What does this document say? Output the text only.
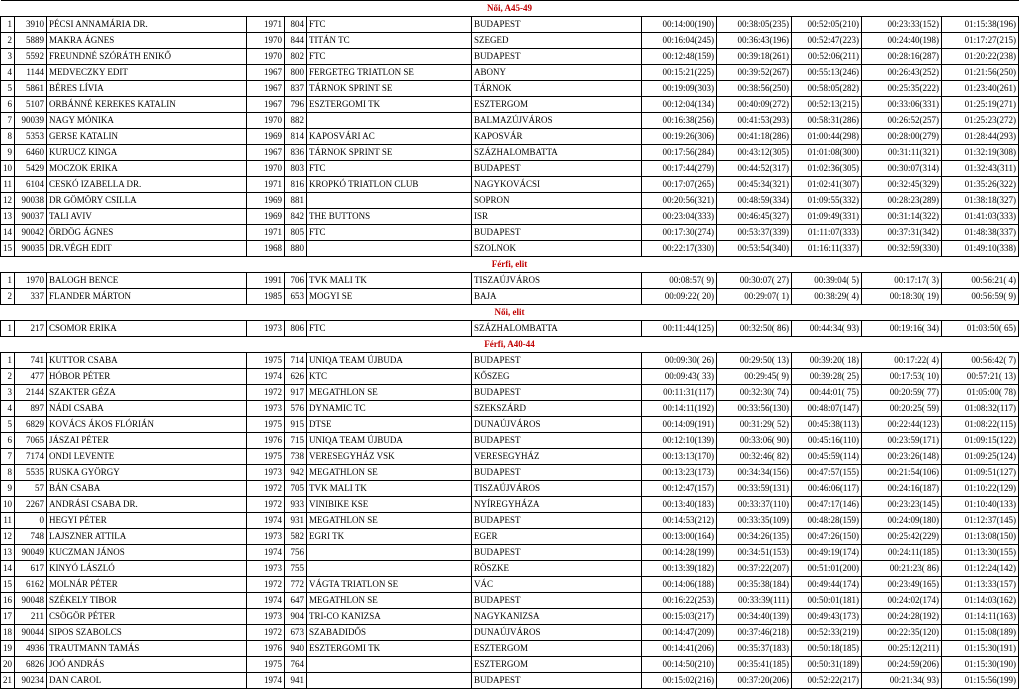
Női, A45-49											
1	3910	PÉCSI ANNAMÁRIA DR.	1971	804	FTC	BUDAPEST	00:14:00(190)	00:38:05(235)	00:52:05(210)	00:23:33(152)	01:15:38(196)
2	5889	MAKRA ÁGNES	1970	844	TITÁN TC	SZEGED	00:16:04(245)	00:36:43(196)	00:52:47(223)	00:24:40(198)	01:17:27(215)
3	5592	FREUNDNÉ SZÓRÁTH ENIKŐ	1970	802	FTC	BUDAPEST	00:12:48(159)	00:39:18(261)	00:52:06(211)	00:28:16(287)	01:20:22(238)
4	1144	MEDVECZKY EDIT	1967	800	FERGETEG TRIATLON SE	ABONY	00:15:21(225)	00:39:52(267)	00:55:13(246)	00:26:43(252)	01:21:56(250)
5	5861	BÉRES LÍVIA	1967	837	TÁRNOK SPRINT SE	TÁRNOK	00:19:09(303)	00:38:56(250)	00:58:05(282)	00:25:35(222)	01:23:40(261)
6	5107	ORBÁNNÉ KEREKES KATALIN	1967	796	ESZTERGOMI TK	ESZTERGOM	00:12:04(134)	00:40:09(272)	00:52:13(215)	00:33:06(331)	01:25:19(271)
7	90039	NAGY MÓNIKA	1970	882		BALMAZÚJVÁROS	00:16:38(256)	00:41:53(293)	00:58:31(286)	00:26:52(257)	01:25:23(272)
8	5353	GERSE KATALIN	1969	814	KAPOSVÁRI AC	KAPOSVÁR	00:19:26(306)	00:41:18(286)	01:00:44(298)	00:28:00(279)	01:28:44(293)
9	6460	KURUCZ KINGA	1967	836	TÁRNOK SPRINT SE	SZÁZHALOMBATTA	00:17:56(284)	00:43:12(305)	01:01:08(300)	00:31:11(321)	01:32:19(308)
10	5429	MOCZOK ERIKA	1970	803	FTC	BUDAPEST	00:17:44(279)	00:44:52(317)	01:02:36(305)	00:30:07(314)	01:32:43(311)
11	6104	CESKÓ IZABELLA DR.	1971	816	KROPKÓ TRIATLON CLUB	NAGYKOVÁCSI	00:17:07(265)	00:45:34(321)	01:02:41(307)	00:32:45(329)	01:35:26(322)
12	90038	DR GÖMÖRY CSILLA	1969	881		SOPRON	00:20:56(321)	00:48:59(334)	01:09:55(332)	00:28:23(289)	01:38:18(327)
13	90037	TALI AVIV	1969	842	THE BUTTONS	ISR	00:23:04(333)	00:46:45(327)	01:09:49(331)	00:31:14(322)	01:41:03(333)
14	90042	ÖRDÖG ÁGNES	1971	805	FTC	BUDAPEST	00:17:30(274)	00:53:37(339)	01:11:07(333)	00:37:31(342)	01:48:38(337)
15	90035	DR.VÉGH EDIT	1968	880		SZOLNOK	00:22:17(330)	00:53:54(340)	01:16:11(337)	00:32:59(330)	01:49:10(338)
Férfi, elit											
1	1970	BALOGH BENCE	1991	706	TVK MALI TK	TISZAÚJVÁROS	00:08:57( 9)	00:30:07( 27)	00:39:04( 5)	00:17:17( 3)	00:56:21( 4)
2	337	FLANDER MÁRTON	1985	653	MOGYI SE	BAJA	00:09:22( 20)	00:29:07( 1)	00:38:29( 4)	00:18:30( 19)	00:56:59( 9)
Női, elit											
1	217	CSOMOR ERIKA	1973	806	FTC	SZÁZHALOMBATTA	00:11:44(125)	00:32:50( 86)	00:44:34( 93)	00:19:16( 34)	01:03:50( 65)
Férfi, A40-44											
1	741	KUTTOR CSABA	1975	714	UNIQA TEAM ÚJBUDA	BUDAPEST	00:09:30( 26)	00:29:50( 13)	00:39:20( 18)	00:17:22( 4)	00:56:42( 7)
2	477	HÓBOR PÉTER	1974	626	KTC	KŐSZEG	00:09:43( 33)	00:29:45( 9)	00:39:28( 25)	00:17:53( 10)	00:57:21( 13)
3	2144	SZAKTER GÉZA	1972	917	MEGATHLON SE	BUDAPEST	00:11:31(117)	00:32:30( 74)	00:44:01( 75)	00:20:59( 77)	01:05:00( 78)
4	897	NÁDI CSABA	1973	576	DYNAMIC TC	SZEKSZÁRD	00:14:11(192)	00:33:56(130)	00:48:07(147)	00:20:25( 59)	01:08:32(117)
5	6829	KOVÁCS ÁKOS FLÓRIÁN	1975	915	DTSE	DUNAÚJVÁROS	00:14:09(191)	00:31:29( 52)	00:45:38(113)	00:22:44(123)	01:08:22(115)
6	7065	JÁSZAI PÉTER	1976	715	UNIQA TEAM ÚJBUDA	BUDAPEST	00:12:10(139)	00:33:06( 90)	00:45:16(110)	00:23:59(171)	01:09:15(122)
7	7174	ONDI LEVENTE	1975	738	VERESEGYHÁZ VSK	VERESEGYHÁZ	00:13:13(170)	00:32:46( 82)	00:45:59(114)	00:23:26(148)	01:09:25(124)
8	5535	RUSKA GYÖRGY	1973	942	MEGATHLON SE	BUDAPEST	00:13:23(173)	00:34:34(156)	00:47:57(155)	00:21:54(106)	01:09:51(127)
9	57	BÁN CSABA	1972	705	TVK MALI TK	TISZAÚJVÁROS	00:12:47(157)	00:33:59(131)	00:46:06(117)	00:24:16(187)	01:10:22(129)
10	2267	ANDRÁSI CSABA DR.	1972	933	VINIBIKE KSE	NYÍREGYHÁZA	00:13:40(183)	00:33:37(110)	00:47:17(146)	00:23:23(145)	01:10:40(133)
11	0	HEGYI PÉTER	1974	931	MEGATHLON SE	BUDAPEST	00:14:53(212)	00:33:35(109)	00:48:28(159)	00:24:09(180)	01:12:37(145)
12	748	LAJSZNER ATTILA	1973	582	EGRI TK	EGER	00:13:00(164)	00:34:26(135)	00:47:26(150)	00:25:42(229)	01:13:08(150)
13	90049	KUCZMAN JÁNOS	1974	756		BUDAPEST	00:14:28(199)	00:34:51(153)	00:49:19(174)	00:24:11(185)	01:13:30(155)
14	617	KINYÓ LÁSZLÓ	1973	755		RÖSZKE	00:13:39(182)	00:37:22(207)	00:51:01(200)	00:21:23( 86)	01:12:24(142)
15	6162	MOLNÁR PÉTER	1972	772	VÁGTA TRIATLON SE	VÁC	00:14:06(188)	00:35:38(184)	00:49:44(174)	00:23:49(165)	01:13:33(157)
16	90048	SZÉKELY TIBOR	1974	647	MEGATHLON SE	BUDAPEST	00:16:22(253)	00:33:39(111)	00:50:01(181)	00:24:02(174)	01:14:03(162)
17	211	CSÖGÖR PÉTER	1973	904	TRI-CO KANIZSA	NAGYKANIZSA	00:15:03(217)	00:34:40(139)	00:49:43(173)	00:24:28(192)	01:14:11(163)
18	90044	SIPOS SZABOLCS	1972	673	SZABADIDŐS	DUNAÚJVÁROS	00:14:47(209)	00:37:46(218)	00:52:33(219)	00:22:35(120)	01:15:08(189)
19	4936	TRAUTMANN TAMÁS	1976	940	ESZTERGOMI TK	ESZTERGOM	00:14:41(206)	00:35:37(183)	00:50:18(185)	00:25:12(211)	01:15:30(191)
20	6826	JOÓ ANDRÁS	1975	764		ESZTERGOM	00:14:50(210)	00:35:41(185)	00:50:31(189)	00:24:59(206)	01:15:30(190)
21	90234	DAN CAROL	1974	941		BUDAPEST	00:15:02(216)	00:37:20(206)	00:52:22(217)	00:21:34( 93)	01:15:56(199)
